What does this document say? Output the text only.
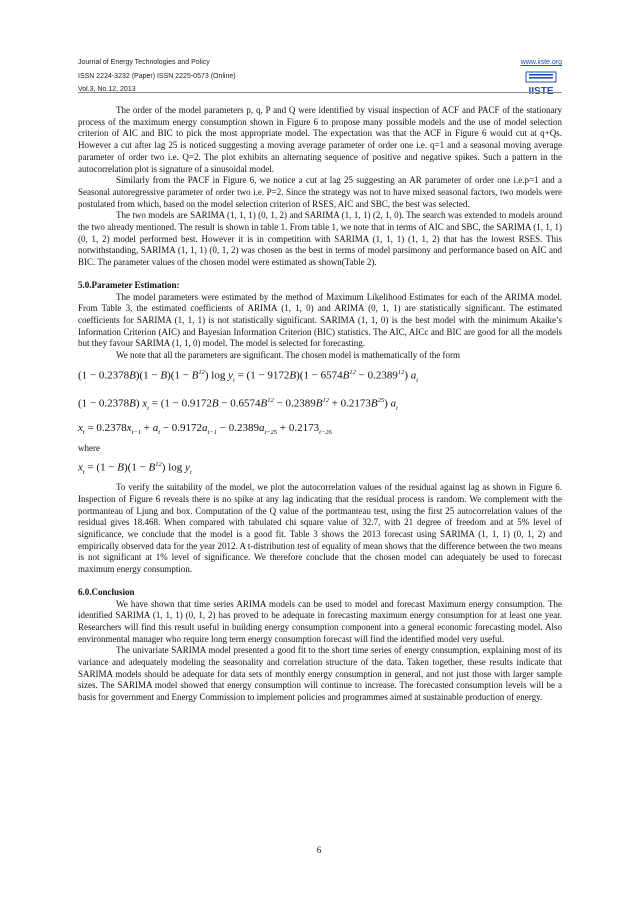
Journal of Energy Technologies and Policy
ISSN 2224-3232 (Paper) ISSN 2225-0573 (Online)
Vol.3, No.12, 2013
www.iiste.org
IISTE

The order of the model parameters p, q, P and Q were identified by visual inspection of ACF and PACF of the stationary process of the maximum energy consumption shown in Figure 6 to propose many possible models and the use of model selection criterion of AIC and BIC to pick the most appropriate model. The expectation was that the ACF in Figure 6 would cut at q+Qs. However a cut after lag 25 is noticed suggesting a moving average parameter of order one i.e. q=1 and a seasonal moving average parameter of order two i.e. Q=2. The plot exhibits an alternating sequence of positive and negative spikes. Such a pattern in the autocorrelation plot is signature of a sinusoidal model.

Similarly from the PACF in Figure 6, we notice a cut at lag 25 suggesting an AR parameter of order one i.e.p=1 and a Seasonal autoregressive parameter of order two i.e. P=2. Since the strategy was not to have mixed seasonal factors, two models were postulated from which, based on the model selection criterion of RSES, AIC and SBC, the best was selected.

The two models are SARIMA (1, 1, 1) (0, 1, 2) and SARIMA (1, 1, 1) (2, 1, 0). The search was extended to models around the two already mentioned. The result is shown in table 1. From table 1, we note that in terms of AIC and SBC, the SARIMA (1, 1, 1) (0, 1, 2) model performed best. However it is in competition with SARIMA (1, 1, 1) (1, 1, 2) that has the lowest RSES. This notwithstanding, SARIMA (1, 1, 1) (0, 1, 2) was chosen as the best in terms of model parsimony and performance based on AIC and BIC. The parameter values of the chosen model were estimated as shown(Table 2).

5.0.Parameter Estimation:

The model parameters were estimated by the method of Maximum Likelihood Estimates for each of the ARIMA model. From Table 3, the estimated coefficients of ARIMA (1, 1, 0) and ARIMA (0, 1, 1) are statistically significant. The estimated coefficients for SARIMA (1, 1, 1) is not statistically significant. SARIMA (1, 1, 0) is the best model with the minimum Akaike’s Information Criterion (AIC) and Bayesian Information Criterion (BIC) statistics. The AIC, AICc and BIC are good for all the models but they favour SARIMA (1, 1, 0) model. The model is selected for forecasting.

We note that all the parameters are significant. The chosen model is mathematically of the form

$(1 - 0.2378B)(1 - B)(1 - B^{12})$ $\log y_t = (1 - 9172B)(1 - 6574B^{12} - 0.2389^{12})$ $a_t$
(1 − 0.2378B) $x_t = (1 - 0.9172B - 0.6574B^{12} - 0.2389B^{12} + 0.2173B^{25})$ $a_t$
$x_t = 0.2378x_{t-1} + a_t - 0.9172a_{t-1} - 0.2389a_{t-25} + 0.2173_{t-26}$

where

$x_t = (1 - B)(1 - B^{12})$ $\log y_t$

To verify the suitability of the model, we plot the autocorrelation values of the residual against lag as shown in Figure 6. Inspection of Figure 6 reveals there is no spike at any lag indicating that the residual process is random. We complement with the portmanteau of Ljung and box. Computation of the Q value of the portmanteau test, using the first 25 autocorrelation values of the residual gives 18.468. When compared with tabulated chi square value of 32.7, with 21 degree of freedom and at 5% level of significance, we conclude that the model is a good fit. Table 3 shows the 2013 forecast using SARIMA (1, 1, 1) (0, 1, 2) and empirically observed data for the year 2012. A t-distribution test of equality of mean shows that the difference between the two means is not significant at 1% level of significance. We therefore conclude that the chosen model can adequately be used to forecast maximum energy consumption.

6.0.Conclusion

We have shown that time series ARIMA models can be used to model and forecast Maximum energy consumption. The identified SARIMA (1, 1, 1) (0, 1, 2) has proved to be adequate in forecasting maximum energy consumption for at least one year. Researchers will find this result useful in building energy consumption component into a general economic forecasting model. Also environmental manager who require long term energy consumption forecast will find the identified model very useful.

The univariate SARIMA model presented a good fit to the short time series of energy consumption, explaining most of its variance and adequately modeling the seasonality and correlation structure of the data. Taken together, these results indicate that SARIMA models should be adequate for data sets of monthly energy consumption in general, and not just those with larger sample sizes. The SARIMA model showed that energy consumption will continue to increase. The forecasted consumption levels will be a basis for government and Energy Commission to implement policies and programmes aimed at sustainable production of energy.

6
